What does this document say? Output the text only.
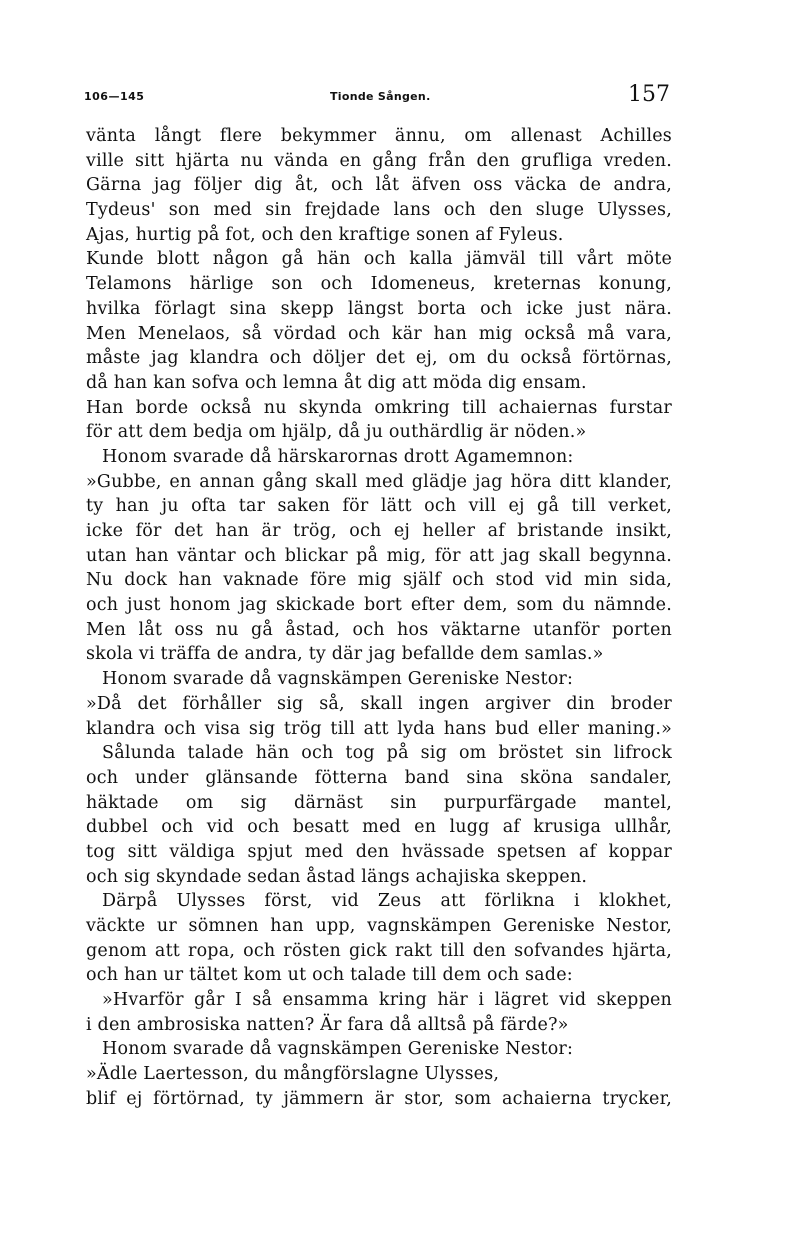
106—145	Tionde Sången.	157
vänta långt flere bekymmer ännu, om allenast Achilles
ville sitt hjärta nu vända en gång från den grufliga vreden.
Gärna jag följer dig åt, och låt äfven oss väcka de andra,
Tydeus' son med sin frejdade lans och den sluge Ulysses,
Ajas, hurtig på fot, och den kraftige sonen af Fyleus.
Kunde blott någon gå hän och kalla jämväl till vårt möte
Telamons härlige son och Idomeneus, kreternas konung,
hvilka förlagt sina skepp längst borta och icke just nära.
Men Menelaos, så vördad och kär han mig också må vara,
måste jag klandra och döljer det ej, om du också förtörnas,
då han kan sofva och lemna åt dig att möda dig ensam.
Han borde också nu skynda omkring till achaiernas furstar
för att dem bedja om hjälp, då ju outhärdlig är nöden.»
Honom svarade då härskarornas drott Agamemnon:
»Gubbe, en annan gång skall med glädje jag höra ditt klander,
ty han ju ofta tar saken för lätt och vill ej gå till verket,
icke för det han är trög, och ej heller af bristande insikt,
utan han väntar och blickar på mig, för att jag skall begynna.
Nu dock han vaknade före mig själf och stod vid min sida,
och just honom jag skickade bort efter dem, som du nämnde.
Men låt oss nu gå åstad, och hos väktarne utanför porten
skola vi träffa de andra, ty där jag befallde dem samlas.»
Honom svarade då vagnskämpen Gereniske Nestor:
»Då det förhåller sig så, skall ingen argiver din broder
klandra och visa sig trög till att lyda hans bud eller maning.»
Sålunda talade hän och tog på sig om bröstet sin lifrock
och under glänsande fötterna band sina sköna sandaler,
häktade om sig därnäst sin purpurfärgade mantel,
dubbel och vid och besatt med en lugg af krusiga ullhår,
tog sitt väldiga spjut med den hvässade spetsen af koppar
och sig skyndade sedan åstad längs achajiska skeppen.
Därpå Ulysses först, vid Zeus att förlikna i klokhet,
väckte ur sömnen han upp, vagnskämpen Gereniske Nestor,
genom att ropa, och rösten gick rakt till den sofvandes hjärta,
och han ur tältet kom ut och talade till dem och sade:
»Hvarför går I så ensamma kring här i lägret vid skeppen
i den ambrosiska natten? Är fara då alltså på färde?»
Honom svarade då vagnskämpen Gereniske Nestor:
»Ädle Laertesson, du mångförslagne Ulysses,
blif ej förtörnad, ty jämmern är stor, som achaierna trycker,
